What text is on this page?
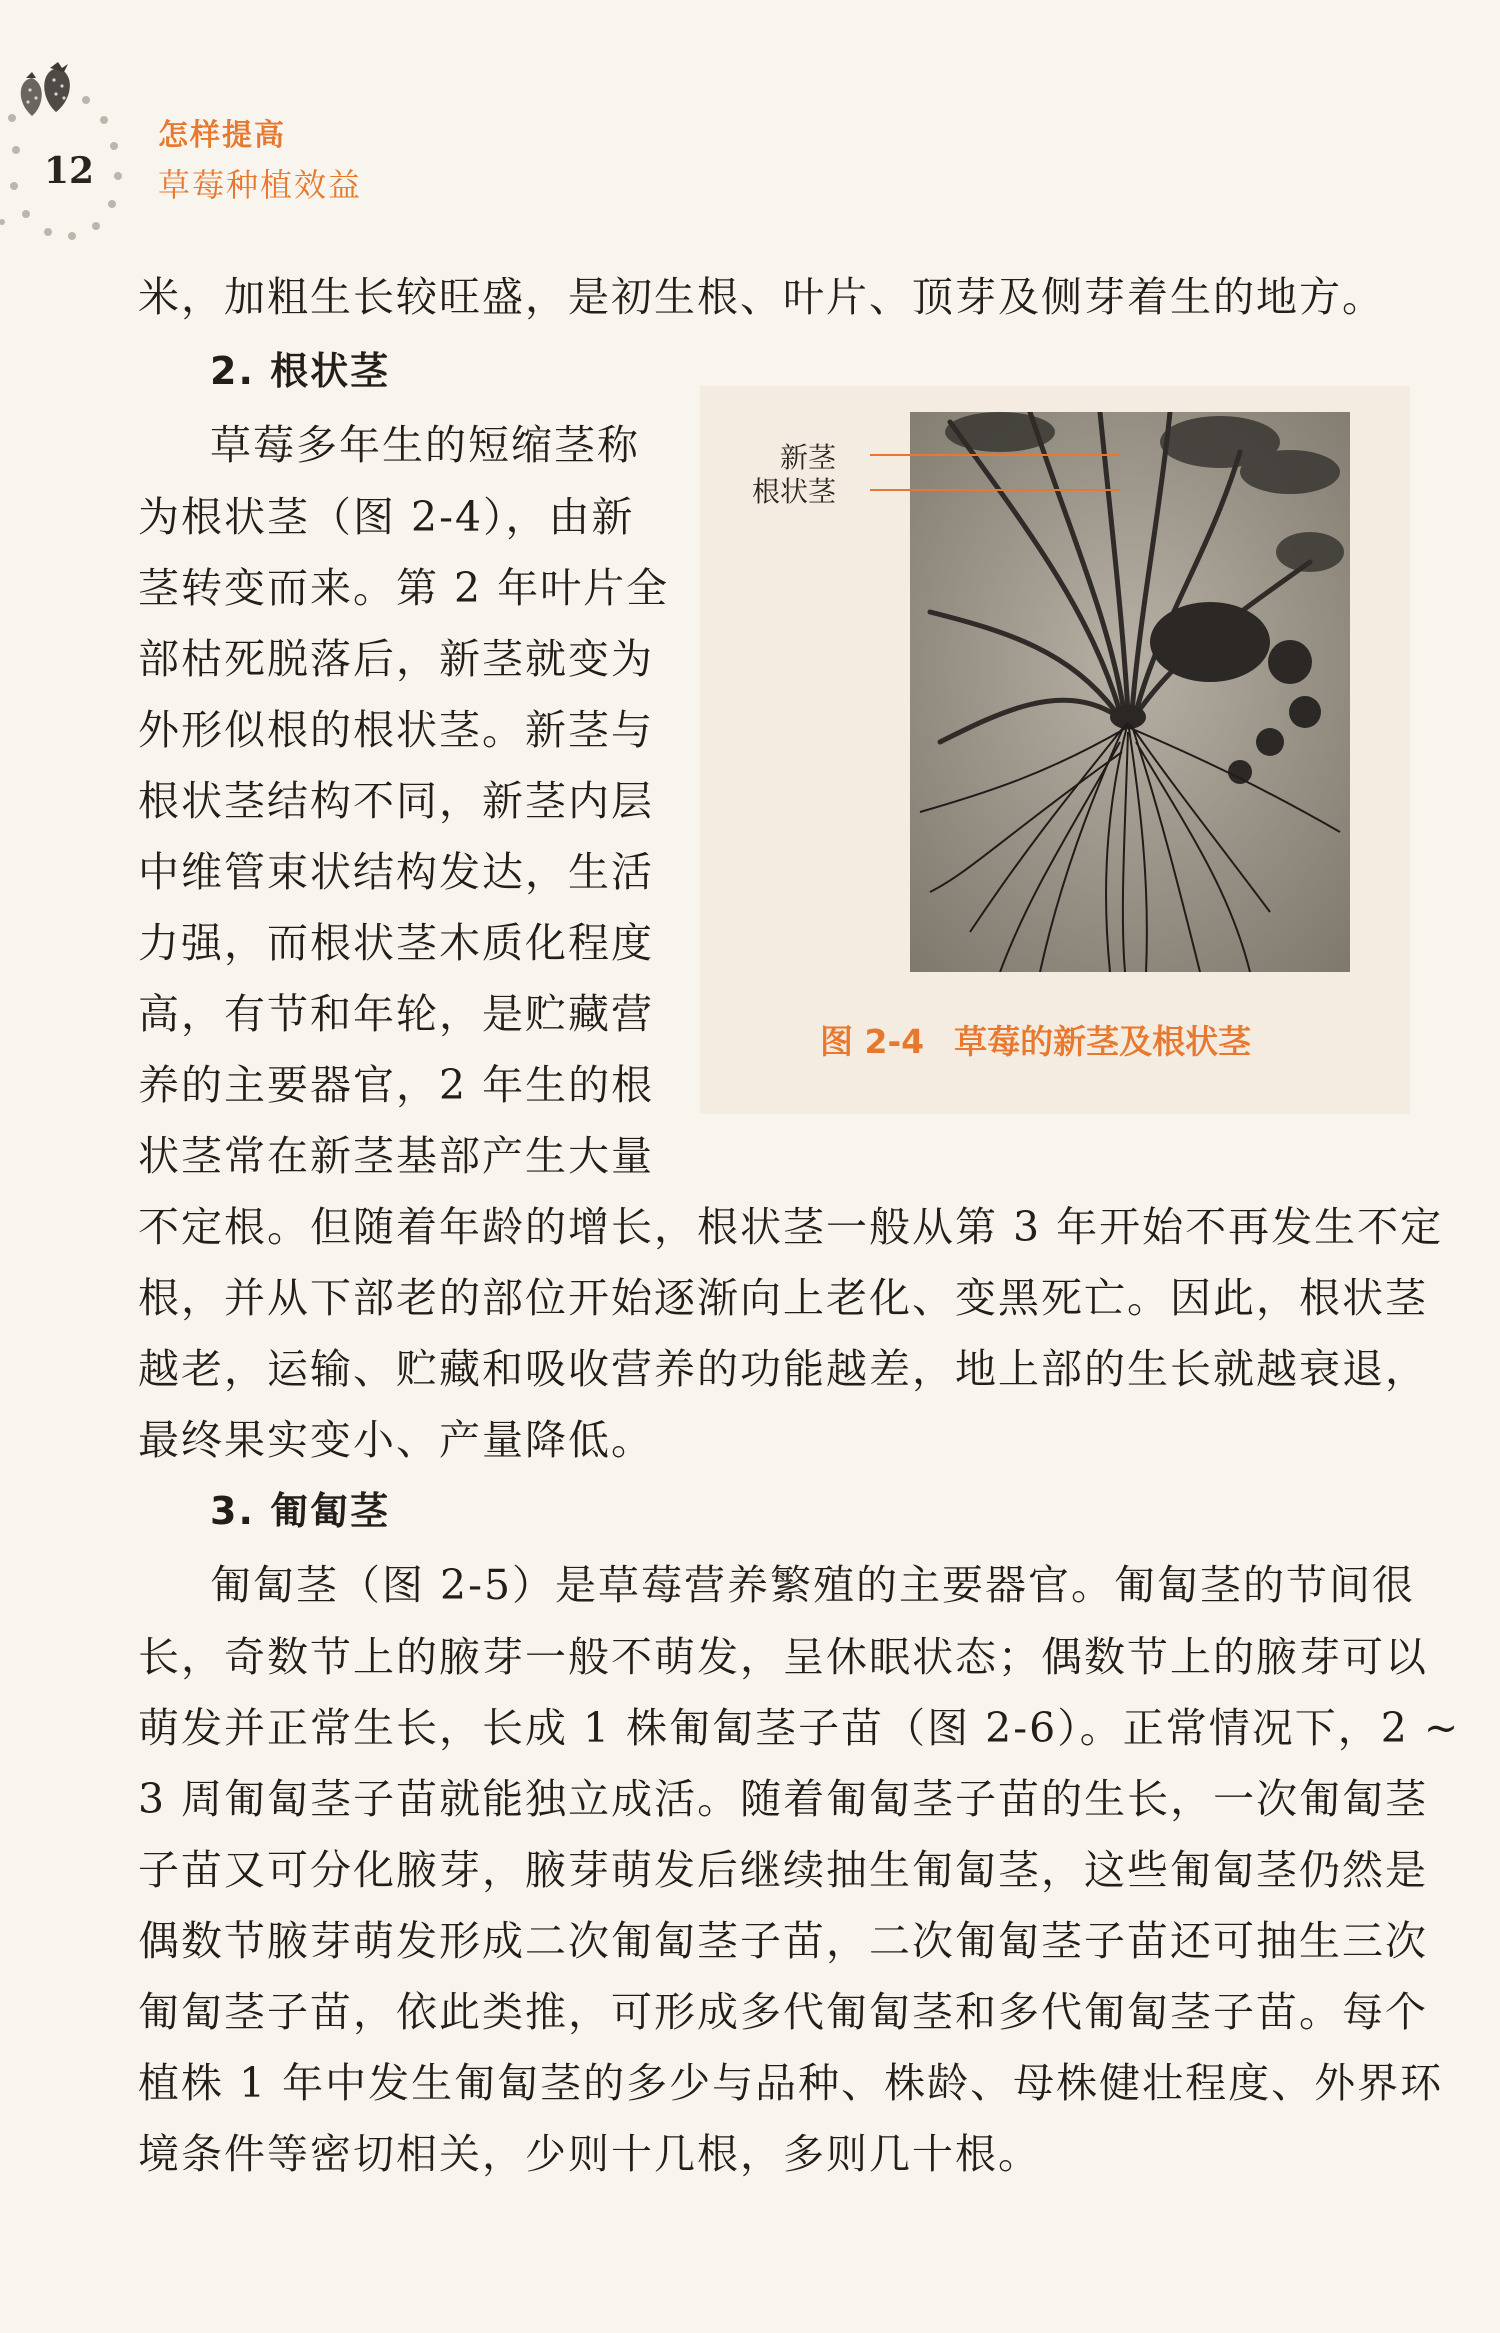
12
怎样提高
草莓种植效益
米，加粗生长较旺盛，是初生根、叶片、顶芽及侧芽着生的地方。
2. 根状茎
草莓多年生的短缩茎称
为根状茎（图 2-4），由新
茎转变而来。第 2 年叶片全
部枯死脱落后，新茎就变为
外形似根的根状茎。新茎与
根状茎结构不同，新茎内层
中维管束状结构发达，生活
力强，而根状茎木质化程度
高，有节和年轮，是贮藏营
养的主要器官，2 年生的根
状茎常在新茎基部产生大量
不定根。但随着年龄的增长，根状茎一般从第 3 年开始不再发生不定
根，并从下部老的部位开始逐渐向上老化、变黑死亡。因此，根状茎
越老，运输、贮藏和吸收营养的功能越差，地上部的生长就越衰退，
最终果实变小、产量降低。
3. 匍匐茎
匍匐茎（图 2-5）是草莓营养繁殖的主要器官。匍匐茎的节间很
长，奇数节上的腋芽一般不萌发，呈休眠状态；偶数节上的腋芽可以
萌发并正常生长，长成 1 株匍匐茎子苗（图 2-6）。正常情况下，2 ~
3 周匍匐茎子苗就能独立成活。随着匍匐茎子苗的生长，一次匍匐茎
子苗又可分化腋芽，腋芽萌发后继续抽生匍匐茎，这些匍匐茎仍然是
偶数节腋芽萌发形成二次匍匐茎子苗，二次匍匐茎子苗还可抽生三次
匍匐茎子苗，依此类推，可形成多代匍匐茎和多代匍匐茎子苗。每个
植株 1 年中发生匍匐茎的多少与品种、株龄、母株健壮程度、外界环
境条件等密切相关，少则十几根，多则几十根。
新茎
根状茎
图 2-4 草莓的新茎及根状茎
